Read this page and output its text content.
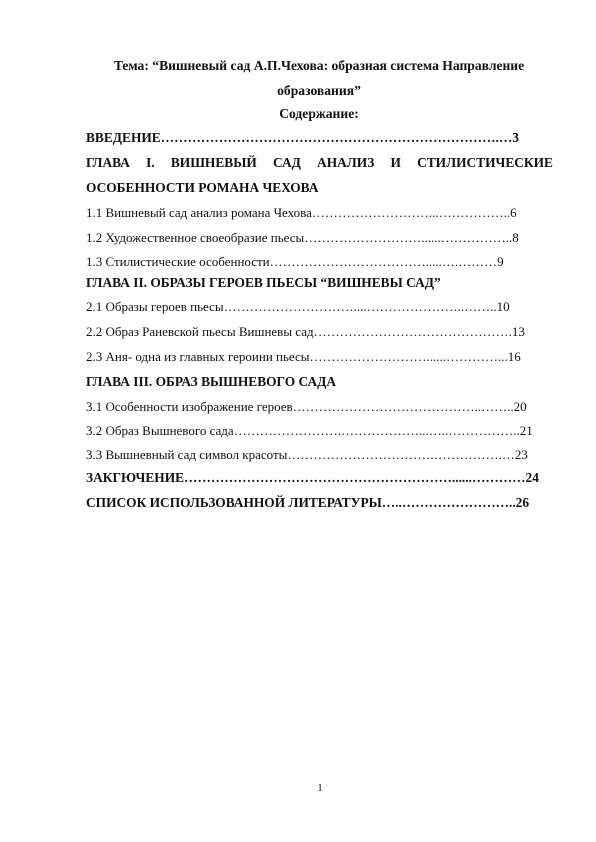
Тема: “Вишневый сад А.П.Чехова: образная система Направление
образования”
Содержание:
ВВЕДЕНИЕ………………………………………………………………….…3
ГЛАВА I. ВИШНЕВЫЙ САД АНАЛИЗ И СТИЛИСТИЧЕСКИЕ
ОСОБЕННОСТИ РОМАНА ЧЕХОВА
1.1 Вишневый сад анализ романа Чехова………………………...……………..6
1.2 Художественное своеобразие пьесы………………………......……………..8
1.3 Стилистические особенности……………………………….....….………9
ГЛАВА II. ОБРАЗЫ ГЕРОЕВ ПЬЕСЫ “ВИШНЕВЫ САД”
2.1 Образы героев пьесы…………………………....…………………..……..10
2.2 Образ Раневской пьесы Вишневы сад……………………………………….13
2.3 Аня- одна из главных героини пьесы………………………......…………...16
ГЛАВА III. ОБРАЗ ВЫШНЕВОГО САДА
3.1 Особенности изображение героев……………………………………..……..20
3.2 Образ Вышневого сада…………………….………………...…..……………..21
3.3 Вышневный сад символ красоты…………………………….…………….…23
ЗАКГЮЧЕНИЕ……………………………………………………......…………24
СПИСОК ИСПОЛЬЗОВАННОЙ ЛИТЕРАТУРЫ…..……………………..26
1
